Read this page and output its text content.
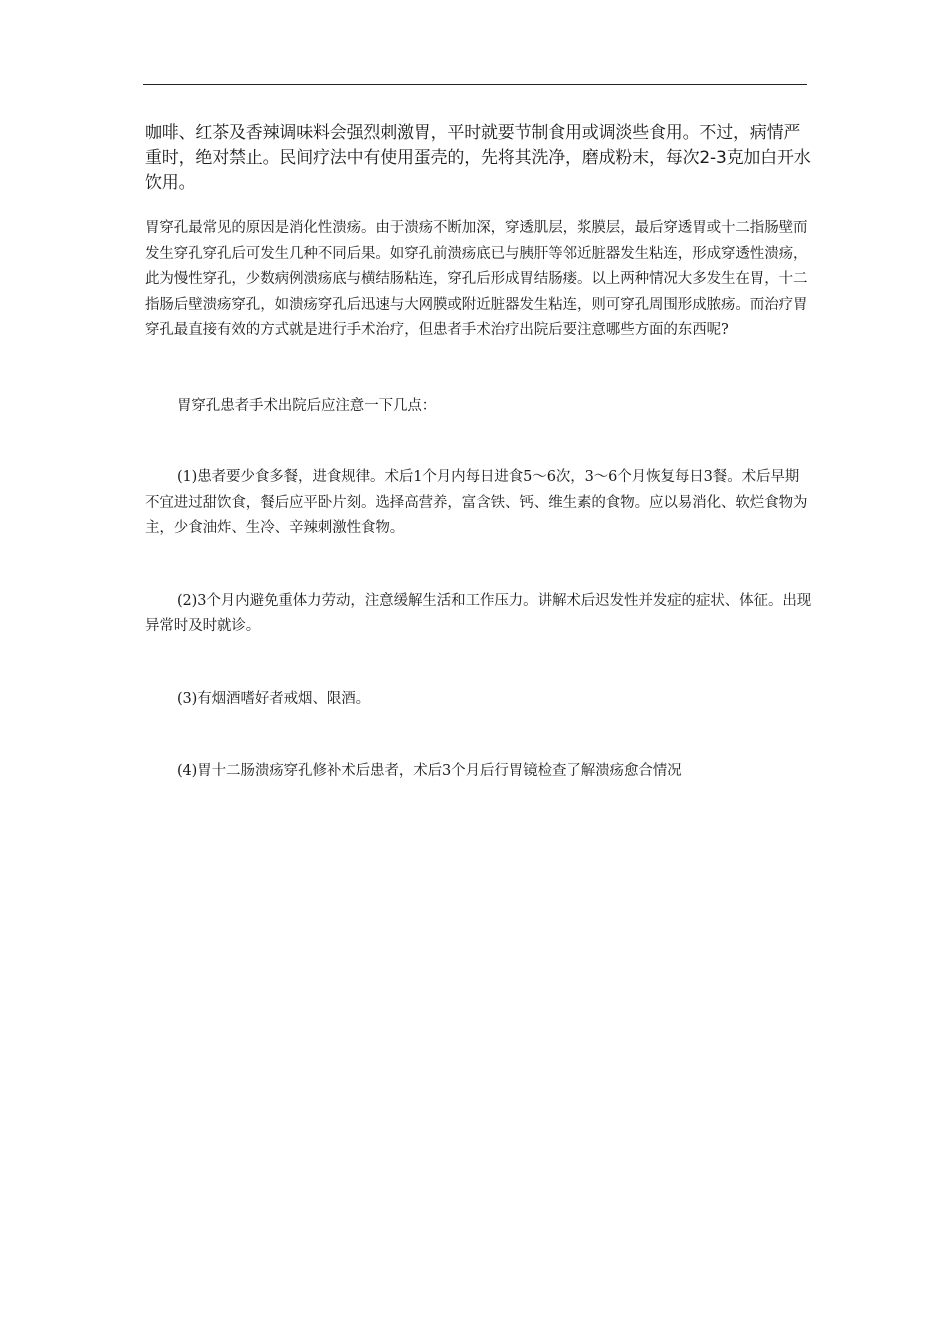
咖啡、红茶及香辣调味料会强烈刺激胃，平时就要节制食用或调淡些食用。不过，病情严重时，绝对禁止。民间疗法中有使用蛋壳的，先将其洗净，磨成粉末，每次2-3克加白开水饮用。

胃穿孔最常见的原因是消化性溃疡。由于溃疡不断加深，穿透肌层，浆膜层，最后穿透胃或十二指肠壁而发生穿孔穿孔后可发生几种不同后果。如穿孔前溃疡底已与胰肝等邻近脏器发生粘连，形成穿透性溃疡，此为慢性穿孔，少数病例溃疡底与横结肠粘连，穿孔后形成胃结肠瘘。以上两种情况大多发生在胃，十二指肠后壁溃疡穿孔，如溃疡穿孔后迅速与大网膜或附近脏器发生粘连，则可穿孔周围形成脓疡。而治疗胃穿孔最直接有效的方式就是进行手术治疗，但患者手术治疗出院后要注意哪些方面的东西呢?

胃穿孔患者手术出院后应注意一下几点：

(1)患者要少食多餐，进食规律。术后1个月内每日进食5～6次，3～6个月恢复每日3餐。术后早期不宜进过甜饮食，餐后应平卧片刻。选择高营养，富含铁、钙、维生素的食物。应以易消化、软烂食物为主，少食油炸、生冷、辛辣刺激性食物。

(2)3个月内避免重体力劳动，注意缓解生活和工作压力。讲解术后迟发性并发症的症状、体征。出现异常时及时就诊。

(3)有烟酒嗜好者戒烟、限酒。

(4)胃十二肠溃疡穿孔修补术后患者，术后3个月后行胃镜检查了解溃疡愈合情况
